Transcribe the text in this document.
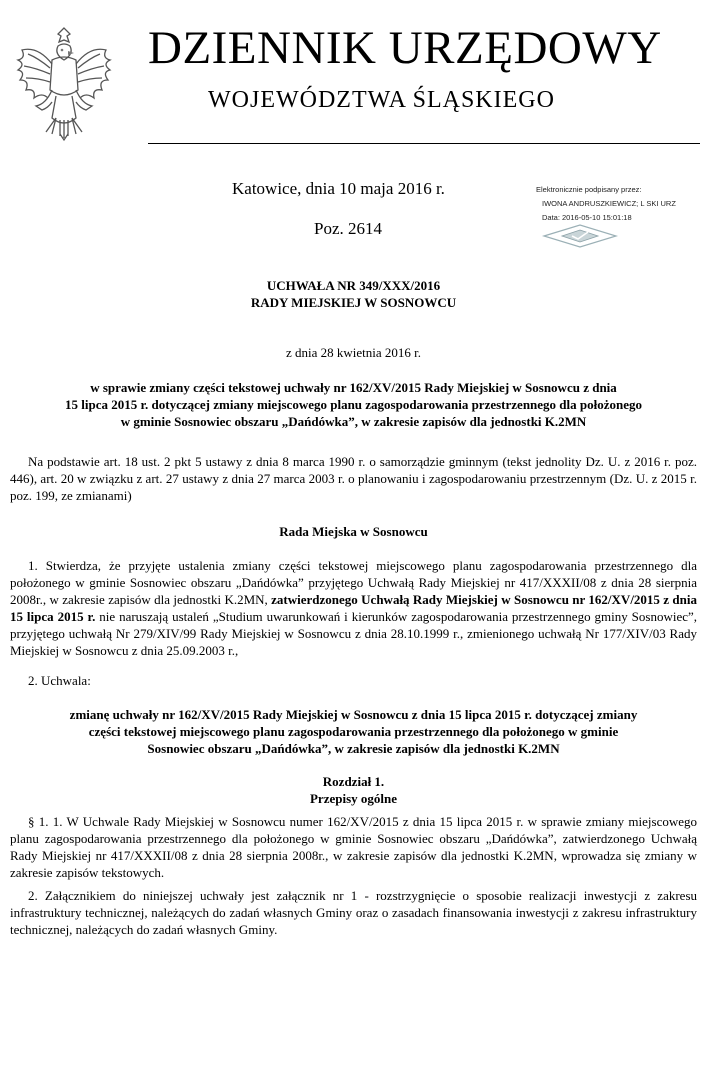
DZIENNIK URZĘDOWY
WOJEWÓDZTWA ŚLĄSKIEGO
Katowice, dnia 10 maja 2016 r.
Poz. 2614
Elektronicznie podpisany przez:
IWONA ANDRUSZKIEWICZ; L SKI URZ
Data: 2016-05-10 15:01:18

UCHWAŁA NR 349/XXX/2016

RADY MIEJSKIEJ W SOSNOWCU

z dnia 28 kwietnia 2016 r.

w sprawie zmiany części tekstowej uchwały nr 162/XV/2015 Rady Miejskiej w Sosnowcu z dnia
15 lipca 2015 r. dotyczącej zmiany miejscowego planu zagospodarowania przestrzennego dla położonego
w gminie Sosnowiec obszaru „Dańdówka”, w zakresie zapisów dla jednostki K.2MN

Na podstawie art. 18 ust. 2 pkt 5 ustawy z dnia 8 marca 1990 r. o samorządzie gminnym (tekst jednolity Dz. U. z 2016 r. poz. 446), art. 20 w związku z art. 27 ustawy z dnia 27 marca 2003 r. o planowaniu i zagospodarowaniu przestrzennym (Dz. U. z 2015 r. poz. 199, ze zmianami)

Rada Miejska w Sosnowcu

1. Stwierdza, że przyjęte ustalenia zmiany części tekstowej miejscowego planu zagospodarowania przestrzennego dla położonego w gminie Sosnowiec obszaru „Dańdówka” przyjętego Uchwałą Rady Miejskiej nr 417/XXXII/08 z dnia 28 sierpnia 2008r., w zakresie zapisów dla jednostki K.2MN, zatwierdzonego Uchwałą Rady Miejskiej w Sosnowcu nr 162/XV/2015 z dnia 15 lipca 2015 r. nie naruszają ustaleń „Studium uwarunkowań i kierunków zagospodarowania przestrzennego gminy Sosnowiec”, przyjętego uchwałą Nr 279/XIV/99 Rady Miejskiej w Sosnowcu z dnia 28.10.1999 r., zmienionego uchwałą Nr 177/XIV/03 Rady Miejskiej w Sosnowcu z dnia 25.09.2003 r.,

2. Uchwala:

zmianę uchwały nr 162/XV/2015 Rady Miejskiej w Sosnowcu z dnia 15 lipca 2015 r. dotyczącej zmiany
części tekstowej miejscowego planu zagospodarowania przestrzennego dla położonego w gminie
Sosnowiec obszaru „Dańdówka”, w zakresie zapisów dla jednostki K.2MN
Rozdział 1.
Przepisy ogólne

§ 1. 1. W Uchwale Rady Miejskiej w Sosnowcu numer 162/XV/2015 z dnia 15 lipca 2015 r. w sprawie zmiany miejscowego planu zagospodarowania przestrzennego dla położonego w gminie Sosnowiec obszaru „Dańdówka”, zatwierdzonego Uchwałą Rady Miejskiej nr 417/XXXII/08 z dnia 28 sierpnia 2008r., w zakresie zapisów dla jednostki K.2MN, wprowadza się zmiany w zakresie zapisów tekstowych.

2. Załącznikiem do niniejszej uchwały jest załącznik nr 1 - rozstrzygnięcie o sposobie realizacji inwestycji z zakresu infrastruktury technicznej, należących do zadań własnych Gminy oraz o zasadach finansowania inwestycji z zakresu infrastruktury technicznej, należących do zadań własnych Gminy.
